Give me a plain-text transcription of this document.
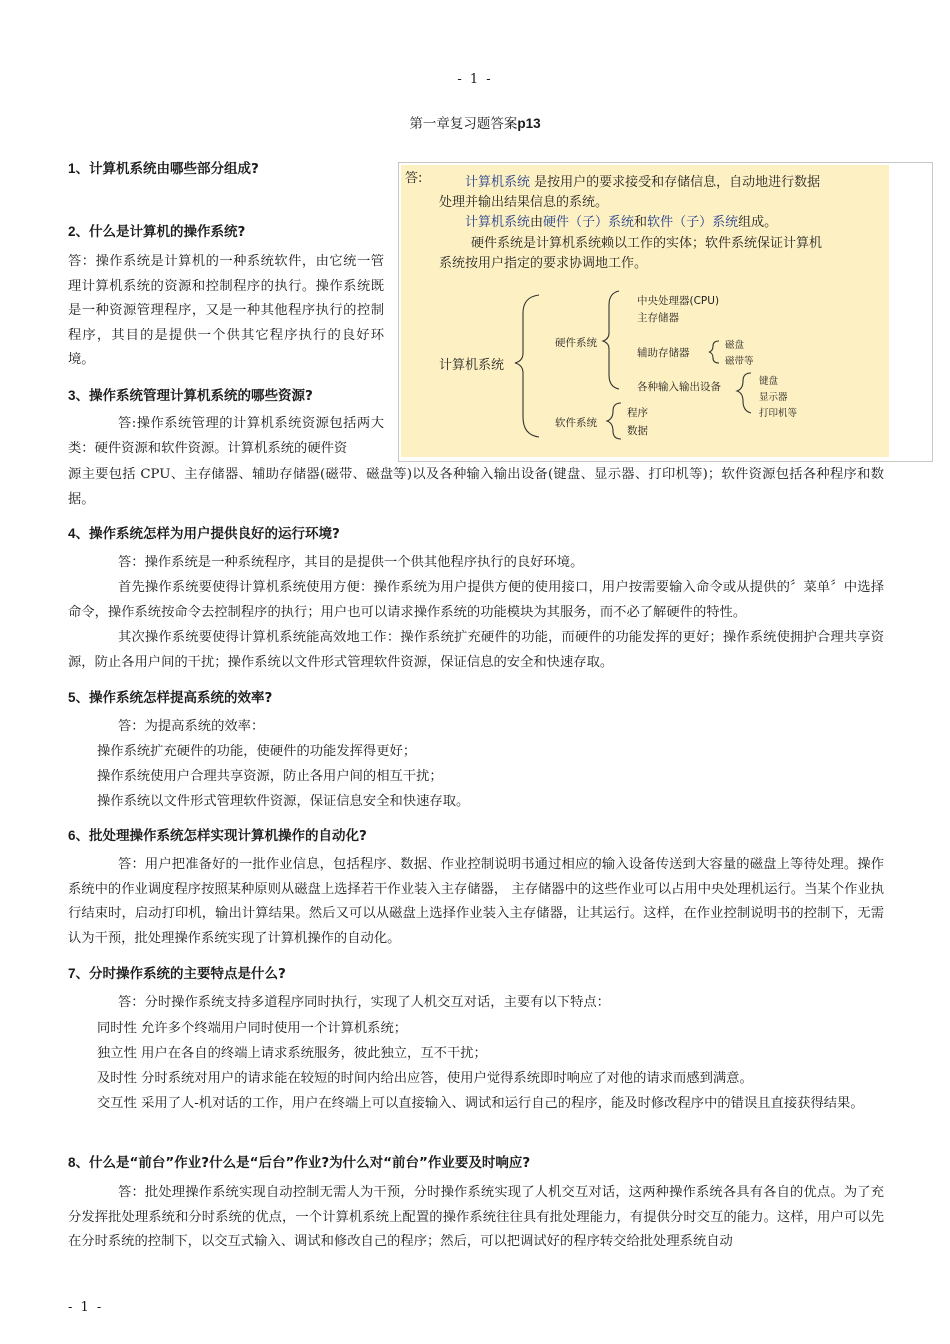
- 1 -
第一章复习题答案p13
1、计算机系统由哪些部分组成?
2、什么是计算机的操作系统?
答：操作系统是计算机的一种系统软件，由它统一管理计算机系统的资源和控制程序的执行。操作系统既是一种资源管理程序，又是一种其他程序执行的控制程序，其目的是提供一个供其它程序执行的良好环境。
3、操作系统管理计算机系统的哪些资源?
答:操作系统管理的计算机系统资源包括两大类：硬件资源和软件资源。计算机系统的硬件资
源主要包括 CPU、主存储器、辅助存储器(磁带、磁盘等)以及各种输入输出设备(键盘、显示器、打印机等)；软件资源包括各种程序和数据。
答:	计算机系统 是按用户的要求接受和存储信息，自动地进行数据
处理并输出结果信息的系统。
计算机系统由硬件（子）系统和软件（子）系统组成。
硬件系统是计算机系统赖以工作的实体；软件系统保证计算机
系统按用户指定的要求协调地工作。
计算机系统
硬件系统
软件系统
中央处理器(CPU)
主存储器
辅助存储器
磁盘
磁带等
各种输入输出设备	键盘
显示器
打印机等
程序
数据
4、操作系统怎样为用户提供良好的运行环境?
答：操作系统是一种系统程序，其目的是提供一个供其他程序执行的良好环境。
首先操作系统要使得计算机系统使用方便：操作系统为用户提供方便的使用接口，用户按需要输入命令或从提供的〞菜单〞中选择命令，操作系统按命令去控制程序的执行；用户也可以请求操作系统的功能模块为其服务，而不必了解硬件的特性。
其次操作系统要使得计算机系统能高效地工作：操作系统扩充硬件的功能，而硬件的功能发挥的更好；操作系统使拥护合理共享资源，防止各用户间的干扰；操作系统以文件形式管理软件资源，保证信息的安全和快速存取。
5、操作系统怎样提高系统的效率?
答：为提高系统的效率：
操作系统扩充硬件的功能，使硬件的功能发挥得更好；
操作系统使用户合理共享资源，防止各用户间的相互干扰；
操作系统以文件形式管理软件资源，保证信息安全和快速存取。
6、批处理操作系统怎样实现计算机操作的自动化?
答：用户把准备好的一批作业信息，包括程序、数据、作业控制说明书通过相应的输入设备传送到大容量的磁盘上等待处理。操作系统中的作业调度程序按照某种原则从磁盘上选择若干作业装入主存储器， 主存储器中的这些作业可以占用中央处理机运行。当某个作业执行结束时，启动打印机，输出计算结果。然后又可以从磁盘上选择作业装入主存储器，让其运行。这样，在作业控制说明书的控制下，无需认为干预，批处理操作系统实现了计算机操作的自动化。
7、分时操作系统的主要特点是什么?
答：分时操作系统支持多道程序同时执行，实现了人机交互对话，主要有以下特点：
同时性 允许多个终端用户同时使用一个计算机系统；
独立性 用户在各自的终端上请求系统服务，彼此独立，互不干扰；
及时性 分时系统对用户的请求能在较短的时间内给出应答，使用户觉得系统即时响应了对他的请求而感到满意。
交互性 采用了人-机对话的工作，用户在终端上可以直接输入、调试和运行自己的程序，能及时修改程序中的错误且直接获得结果。
8、什么是“前台”作业?什么是“后台”作业?为什么对“前台”作业要及时响应?
答：批处理操作系统实现自动控制无需人为干预，分时操作系统实现了人机交互对话，这两种操作系统各具有各自的优点。为了充分发挥批处理系统和分时系统的优点，一个计算机系统上配置的操作系统往往具有批处理能力，有提供分时交互的能力。这样，用户可以先在分时系统的控制下，以交互式输入、调试和修改自己的程序；然后，可以把调试好的程序转交给批处理系统自动
- 1 -
